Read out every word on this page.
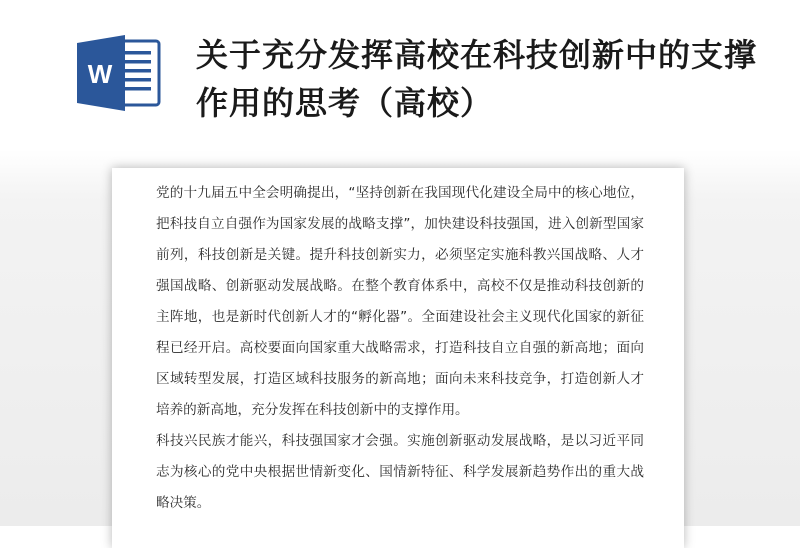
W	关于充分发挥高校在科技创新中的支撑作用的思考（高校）

党的十九届五中全会明确提出，“坚持创新在我国现代化建设全局中的核心地位，把科技自立自强作为国家发展的战略支撑”，加快建设科技强国，进入创新型国家前列，科技创新是关键。提升科技创新实力，必须坚定实施科教兴国战略、人才强国战略、创新驱动发展战略。在整个教育体系中，高校不仅是推动科技创新的主阵地，也是新时代创新人才的“孵化器”。全面建设社会主义现代化国家的新征程已经开启。高校要面向国家重大战略需求，打造科技自立自强的新高地；面向区域转型发展，打造区域科技服务的新高地；面向未来科技竞争，打造创新人才培养的新高地，充分发挥在科技创新中的支撑作用。

科技兴民族才能兴，科技强国家才会强。实施创新驱动发展战略，是以习近平同志为核心的党中央根据世情新变化、国情新特征、科学发展新趋势作出的重大战略决策。
